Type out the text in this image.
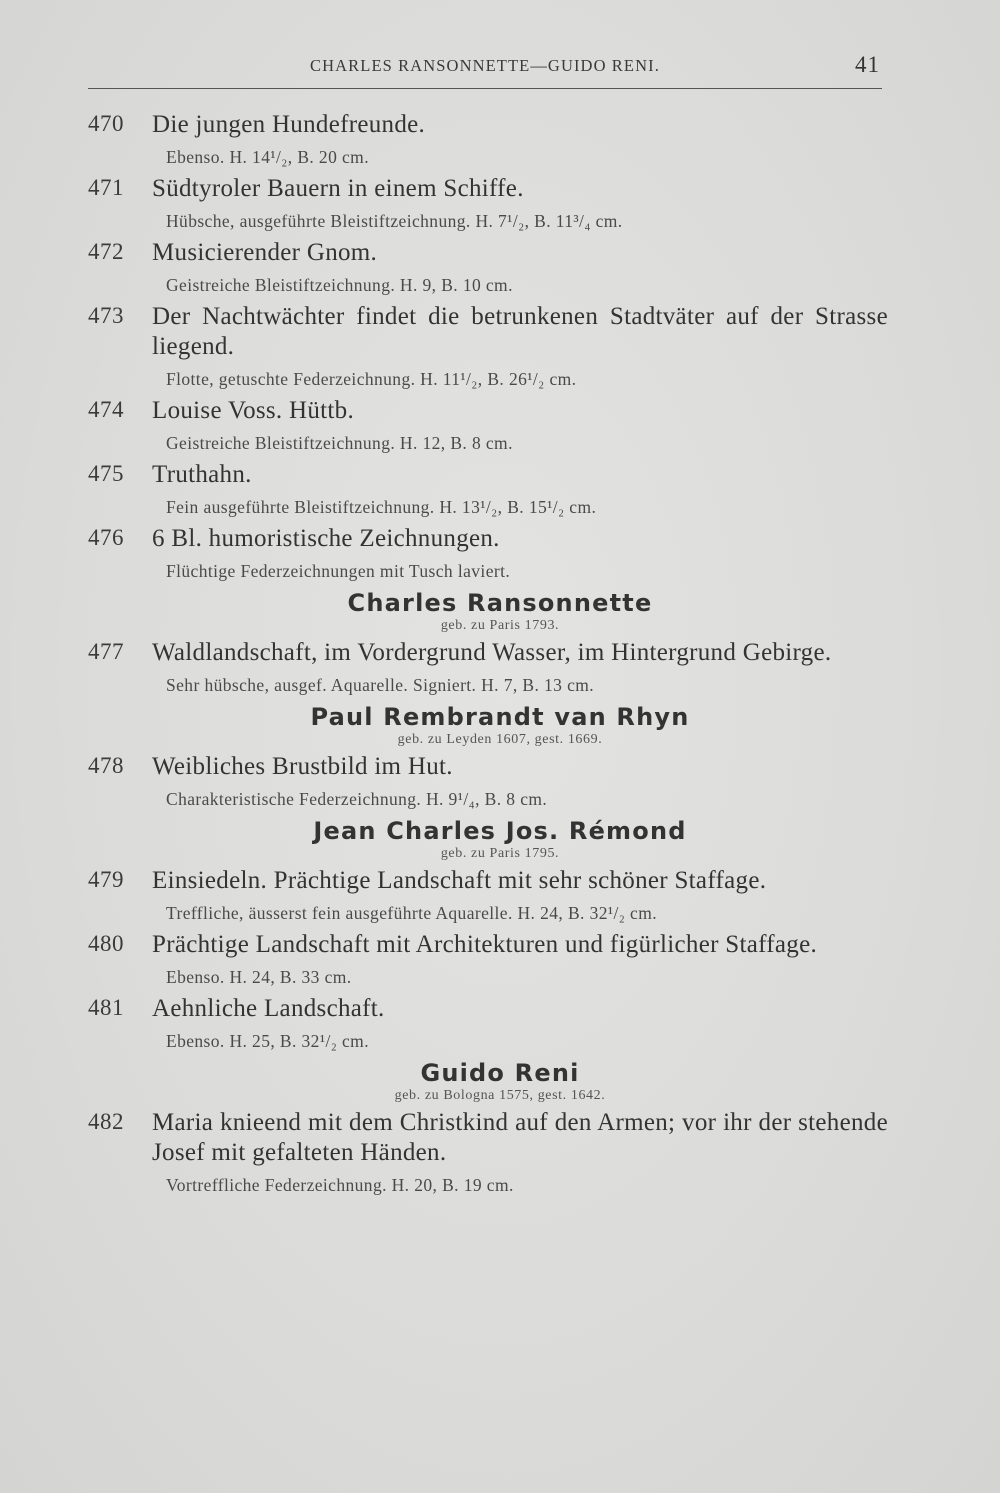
CHARLES RANSONNETTE—GUIDO RENI.	41
470	Die jungen Hundefreunde.
Ebenso. H. 14¹/₂, B. 20 cm.
471	Südtyroler Bauern in einem Schiffe.
Hübsche, ausgeführte Bleistiftzeichnung. H. 7¹/₂, B. 11³/₄ cm.
472	Musicierender Gnom.
Geistreiche Bleistiftzeichnung. H. 9, B. 10 cm.
473	Der Nachtwächter findet die betrunkenen Stadtväter auf der Strasse liegend.
Flotte, getuschte Federzeichnung. H. 11¹/₂, B. 26¹/₂ cm.
474	Louise Voss. Hüttb.
Geistreiche Bleistiftzeichnung. H. 12, B. 8 cm.
475	Truthahn.
Fein ausgeführte Bleistiftzeichnung. H. 13¹/₂, B. 15¹/₂ cm.
476	6 Bl. humoristische Zeichnungen.
Flüchtige Federzeichnungen mit Tusch laviert.
Charles Ransonnette
geb. zu Paris 1793.
477	Waldlandschaft, im Vordergrund Wasser, im Hintergrund Gebirge.
Sehr hübsche, ausgef. Aquarelle. Signiert. H. 7, B. 13 cm.
Paul Rembrandt van Rhyn
geb. zu Leyden 1607, gest. 1669.
478	Weibliches Brustbild im Hut.
Charakteristische Federzeichnung. H. 9¹/₄, B. 8 cm.
Jean Charles Jos. Rémond
geb. zu Paris 1795.
479	Einsiedeln. Prächtige Landschaft mit sehr schöner Staffage.
Treffliche, äusserst fein ausgeführte Aquarelle. H. 24, B. 32¹/₂ cm.
480	Prächtige Landschaft mit Architekturen und figürlicher Staffage.
Ebenso. H. 24, B. 33 cm.
481	Aehnliche Landschaft.
Ebenso. H. 25, B. 32¹/₂ cm.
Guido Reni
geb. zu Bologna 1575, gest. 1642.
482	Maria knieend mit dem Christkind auf den Armen; vor ihr der stehende Josef mit gefalteten Händen.
Vortreffliche Federzeichnung. H. 20, B. 19 cm.
